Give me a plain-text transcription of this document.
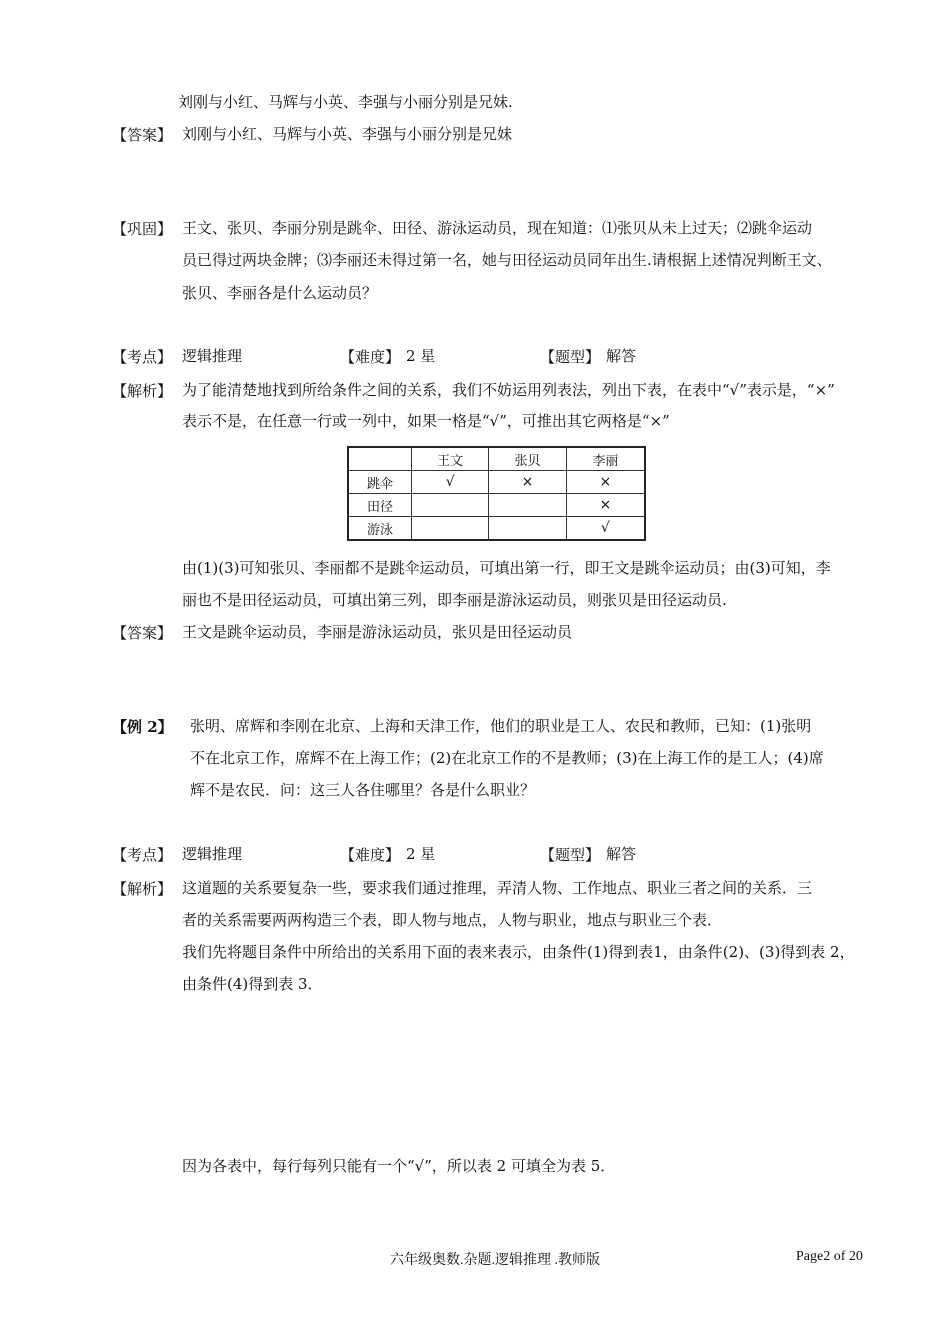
刘刚与小红、马辉与小英、李强与小丽分别是兄妹.
【答案】 刘刚与小红、马辉与小英、李强与小丽分别是兄妹
【巩固】 王文、张贝、李丽分别是跳伞、田径、游泳运动员，现在知道：⑴张贝从未上过天；⑵跳伞运动
员已得过两块金牌；⑶李丽还未得过第一名，她与田径运动员同年出生.请根据上述情况判断王文、
张贝、李丽各是什么运动员？
【考点】 逻辑推理	【难度】 2 星	【题型】 解答
【解析】 为了能清楚地找到所给条件之间的关系，我们不妨运用列表法，列出下表，在表中“√”表示是，“×”
表示不是，在任意一行或一列中，如果一格是“√”，可推出其它两格是“×”
	王文	张贝	李丽
跳伞	√	×	×
田径			×
游泳			√
由(1)(3)可知张贝、李丽都不是跳伞运动员，可填出第一行，即王文是跳伞运动员；由(3)可知，李
丽也不是田径运动员，可填出第三列，即李丽是游泳运动员，则张贝是田径运动员.
【答案】 王文是跳伞运动员，李丽是游泳运动员，张贝是田径运动员
【例 2】 张明、席辉和李刚在北京、上海和天津工作，他们的职业是工人、农民和教师，已知：(1)张明
不在北京工作，席辉不在上海工作；(2)在北京工作的不是教师；(3)在上海工作的是工人；(4)席
辉不是农民．问：这三人各住哪里？各是什么职业？
【考点】 逻辑推理	【难度】 2 星	【题型】 解答
【解析】 这道题的关系要复杂一些，要求我们通过推理，弄清人物、工作地点、职业三者之间的关系．三
者的关系需要两两构造三个表，即人物与地点，人物与职业，地点与职业三个表．
我们先将题目条件中所给出的关系用下面的表来表示，由条件(1)得到表1，由条件(2)、(3)得到表 2，
由条件(4)得到表 3．
因为各表中，每行每列只能有一个“√”，所以表 2 可填全为表 5．
六年级奥数.杂题.逻辑推理 .教师版	Page2 of 20
